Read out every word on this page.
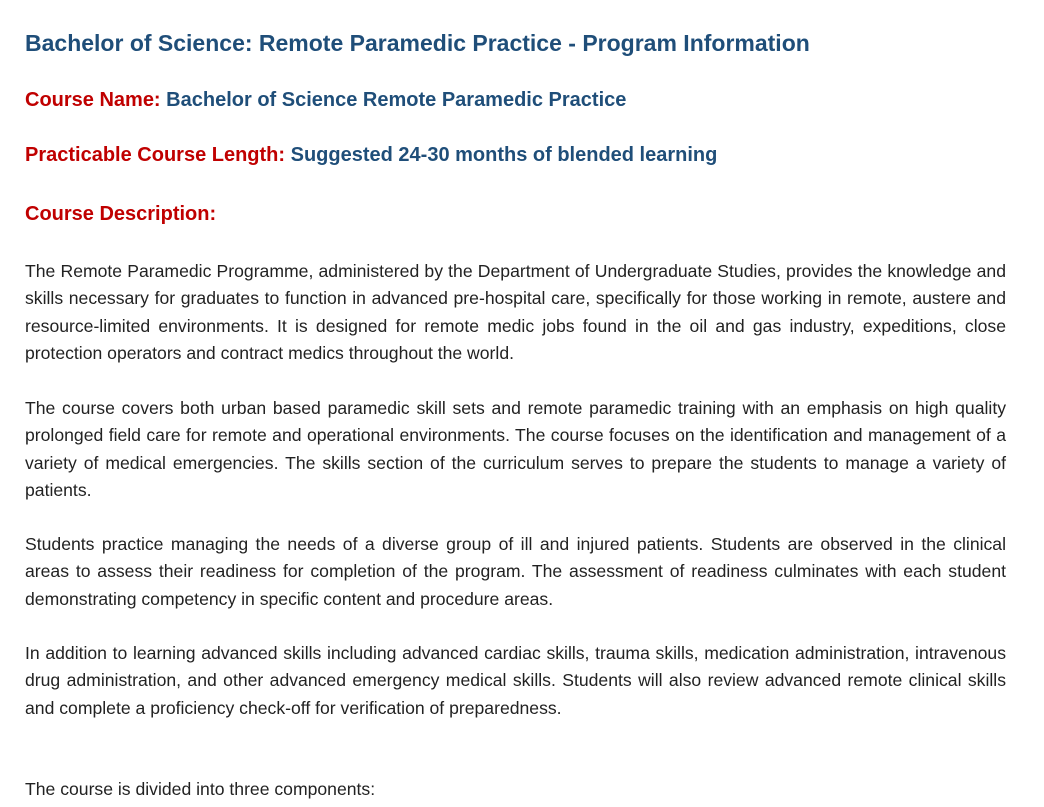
Bachelor of Science: Remote Paramedic Practice - Program Information
Course Name: Bachelor of Science Remote Paramedic Practice
Practicable Course Length: Suggested 24-30 months of blended learning
Course Description:

The Remote Paramedic Programme, administered by the Department of Undergraduate Studies, provides the knowledge and skills necessary for graduates to function in advanced pre-hospital care, specifically for those working in remote, austere and resource-limited environments. It is designed for remote medic jobs found in the oil and gas industry, expeditions, close protection operators and contract medics throughout the world.

The course covers both urban based paramedic skill sets and remote paramedic training with an emphasis on high quality prolonged field care for remote and operational environments. The course focuses on the identification and management of a variety of medical emergencies. The skills section of the curriculum serves to prepare the students to manage a variety of patients.

Students practice managing the needs of a diverse group of ill and injured patients. Students are observed in the clinical areas to assess their readiness for completion of the program. The assessment of readiness culminates with each student demonstrating competency in specific content and procedure areas.

In addition to learning advanced skills including advanced cardiac skills, trauma skills, medication administration, intravenous drug administration, and other advanced emergency medical skills. Students will also review advanced remote clinical skills and complete a proficiency check-off for verification of preparedness.

The course is divided into three components:
